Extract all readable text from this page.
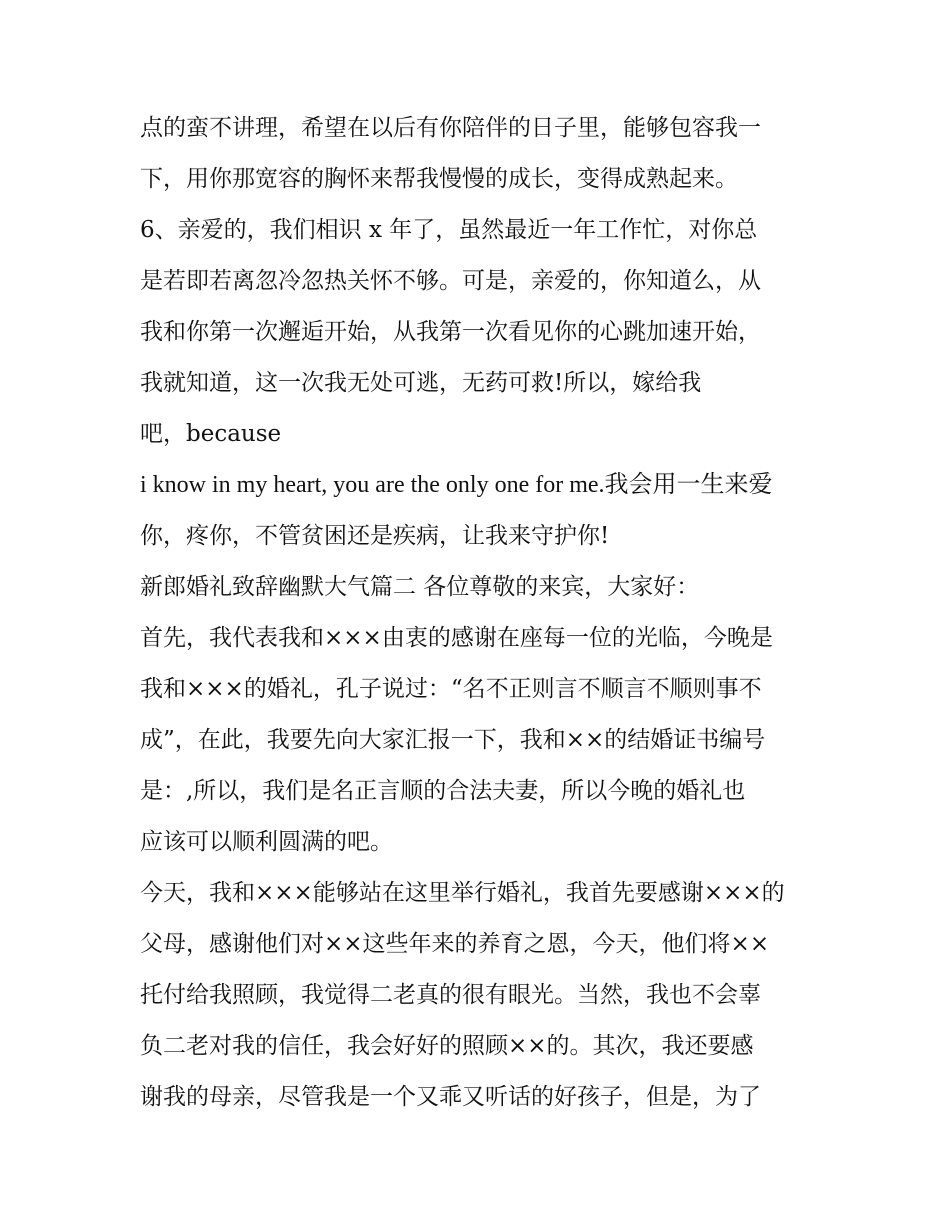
点的蛮不讲理，希望在以后有你陪伴的日子里，能够包容我一
下，用你那宽容的胸怀来帮我慢慢的成长，变得成熟起来。
6、亲爱的，我们相识 x 年了，虽然最近一年工作忙，对你总
是若即若离忽冷忽热关怀不够。可是，亲爱的，你知道么，从
我和你第一次邂逅开始，从我第一次看见你的心跳加速开始，
我就知道，这一次我无处可逃，无药可救!所以，嫁给我
吧，because
i know in my heart, you are the only one for me.我会用一生来爱
你，疼你，不管贫困还是疾病，让我来守护你!
新郎婚礼致辞幽默大气篇二 各位尊敬的来宾，大家好：
首先，我代表我和×××由衷的感谢在座每一位的光临，今晚是
我和×××的婚礼，孔子说过：“名不正则言不顺言不顺则事不
成”，在此，我要先向大家汇报一下，我和××的结婚证书编号
是：,所以，我们是名正言顺的合法夫妻，所以今晚的婚礼也
应该可以顺利圆满的吧。
今天，我和×××能够站在这里举行婚礼，我首先要感谢×××的
父母，感谢他们对××这些年来的养育之恩，今天，他们将××
托付给我照顾，我觉得二老真的很有眼光。当然，我也不会辜
负二老对我的信任，我会好好的照顾××的。其次，我还要感
谢我的母亲，尽管我是一个又乖又听话的好孩子，但是，为了
